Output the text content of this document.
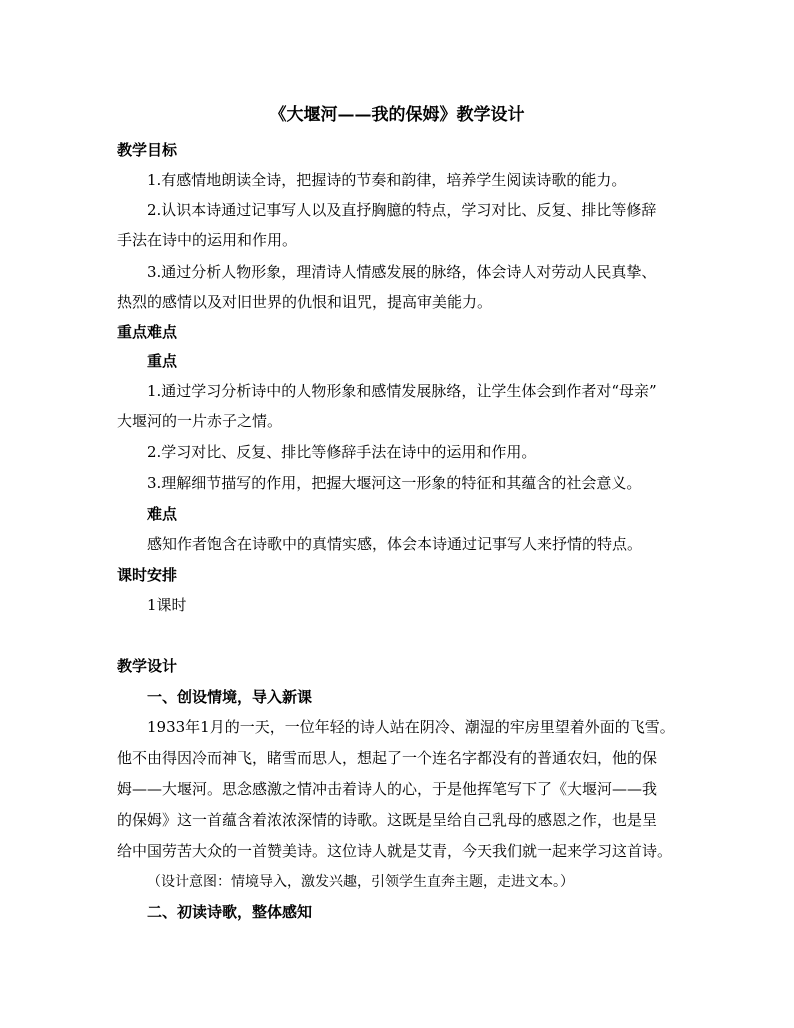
《大堰河——我的保姆》教学设计
教学目标
1.有感情地朗读全诗，把握诗的节奏和韵律，培养学生阅读诗歌的能力。
2.认识本诗通过记事写人以及直抒胸臆的特点，学习对比、反复、排比等修辞
手法在诗中的运用和作用。
3.通过分析人物形象，理清诗人情感发展的脉络，体会诗人对劳动人民真挚、
热烈的感情以及对旧世界的仇恨和诅咒，提高审美能力。
重点难点
重点
1.通过学习分析诗中的人物形象和感情发展脉络，让学生体会到作者对“母亲”
大堰河的一片赤子之情。
2.学习对比、反复、排比等修辞手法在诗中的运用和作用。
3.理解细节描写的作用，把握大堰河这一形象的特征和其蕴含的社会意义。
难点
感知作者饱含在诗歌中的真情实感，体会本诗通过记事写人来抒情的特点。
课时安排
1课时
教学设计
一、创设情境，导入新课
1933年1月的一天，一位年轻的诗人站在阴冷、潮湿的牢房里望着外面的飞雪。
他不由得因冷而神飞，睹雪而思人，想起了一个连名字都没有的普通农妇，他的保
姆——大堰河。思念感激之情冲击着诗人的心，于是他挥笔写下了《大堰河——我
的保姆》这一首蕴含着浓浓深情的诗歌。这既是呈给自己乳母的感恩之作，也是呈
给中国劳苦大众的一首赞美诗。这位诗人就是艾青，今天我们就一起来学习这首诗。
（设计意图：情境导入，激发兴趣，引领学生直奔主题，走进文本。）
二、初读诗歌，整体感知
